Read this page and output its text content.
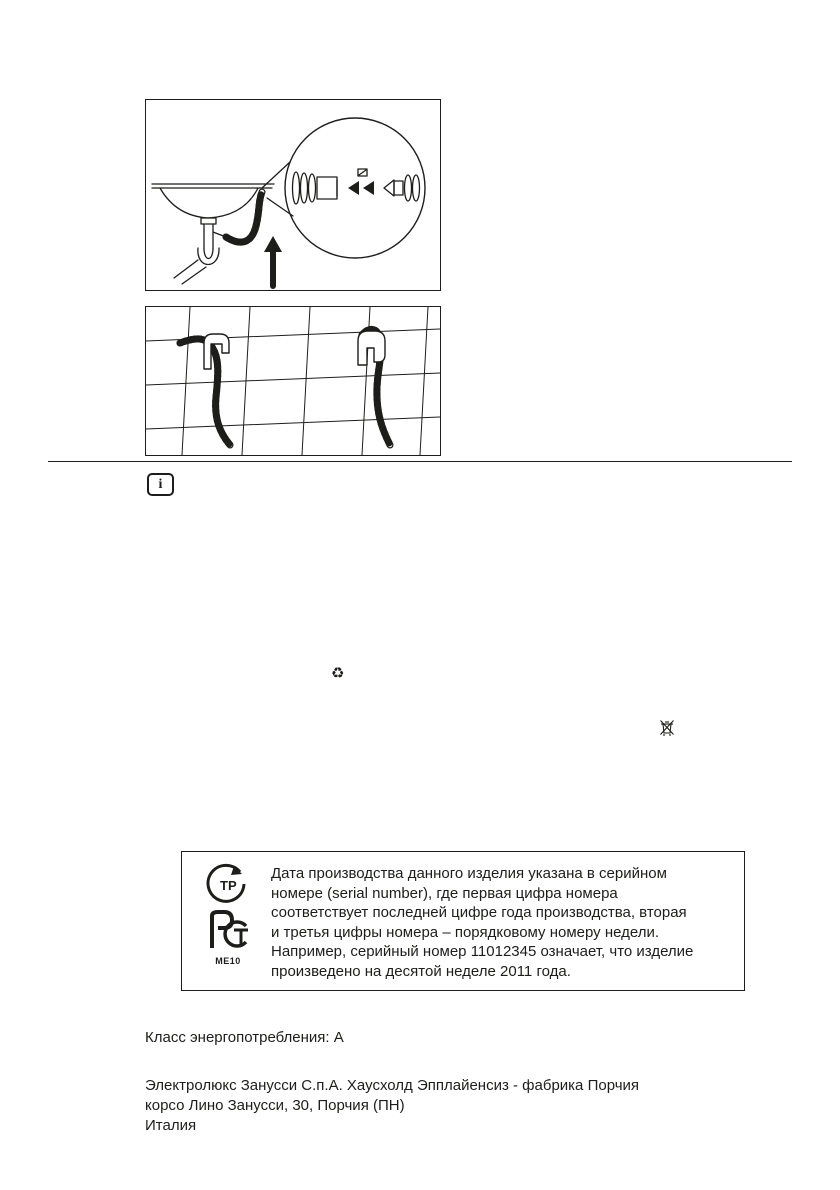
i
♻
ТР
МЕ10
Дата производства данного изделия указана в серийном
номере (serial number), где первая цифра номера
соответствует последней цифре года производства, вторая
и третья цифры номера – порядковому номеру недели.
Например, серийный номер 11012345 означает, что изделие
произведено на десятой неделе 2011 года.
Класс энергопотребления: А
Электролюкс Занусси С.п.А. Хаусхолд Эпплайенсиз - фабрика Порчия
корсо Лино Занусси, 30, Порчия (ПН)
Италия
